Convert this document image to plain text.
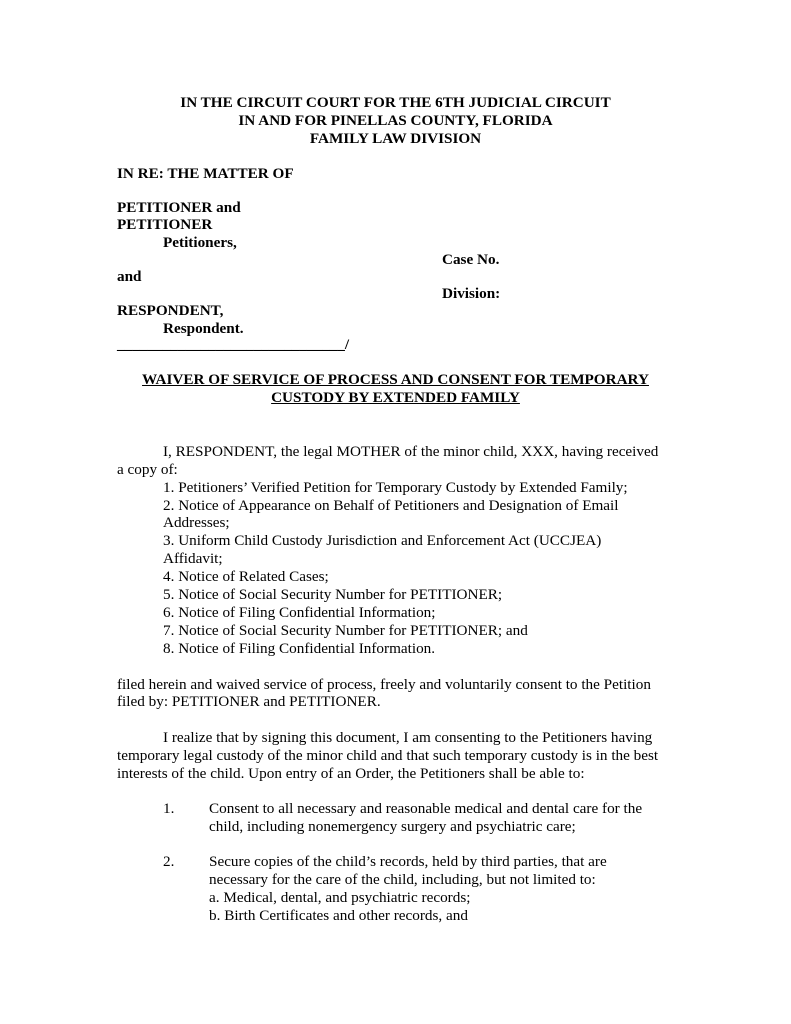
IN THE CIRCUIT COURT FOR THE 6TH JUDICIAL CIRCUIT
IN AND FOR PINELLAS COUNTY, FLORIDA
FAMILY LAW DIVISION
IN RE: THE MATTER OF
PETITIONER and
PETITIONER
Petitioners,
Case No.
and
Division:
RESPONDENT,
Respondent.
______________________________/
WAIVER OF SERVICE OF PROCESS AND CONSENT FOR TEMPORARY
CUSTODY BY EXTENDED FAMILY
I, RESPONDENT, the legal MOTHER of the minor child, XXX, having received
a copy of:
1. Petitioners’ Verified Petition for Temporary Custody by Extended Family;
2. Notice of Appearance on Behalf of Petitioners and Designation of Email
Addresses;
3. Uniform Child Custody Jurisdiction and Enforcement Act (UCCJEA)
Affidavit;
4. Notice of Related Cases;
5. Notice of Social Security Number for PETITIONER;
6. Notice of Filing Confidential Information;
7. Notice of Social Security Number for PETITIONER; and
8. Notice of Filing Confidential Information.
filed herein and waived service of process, freely and voluntarily consent to the Petition
filed by: PETITIONER and PETITIONER.
I realize that by signing this document, I am consenting to the Petitioners having
temporary legal custody of the minor child and that such temporary custody is in the best
interests of the child. Upon entry of an Order, the Petitioners shall be able to:
1. Consent to all necessary and reasonable medical and dental care for the
child, including nonemergency surgery and psychiatric care;
2. Secure copies of the child’s records, held by third parties, that are
necessary for the care of the child, including, but not limited to:
a. Medical, dental, and psychiatric records;
b. Birth Certificates and other records, and
